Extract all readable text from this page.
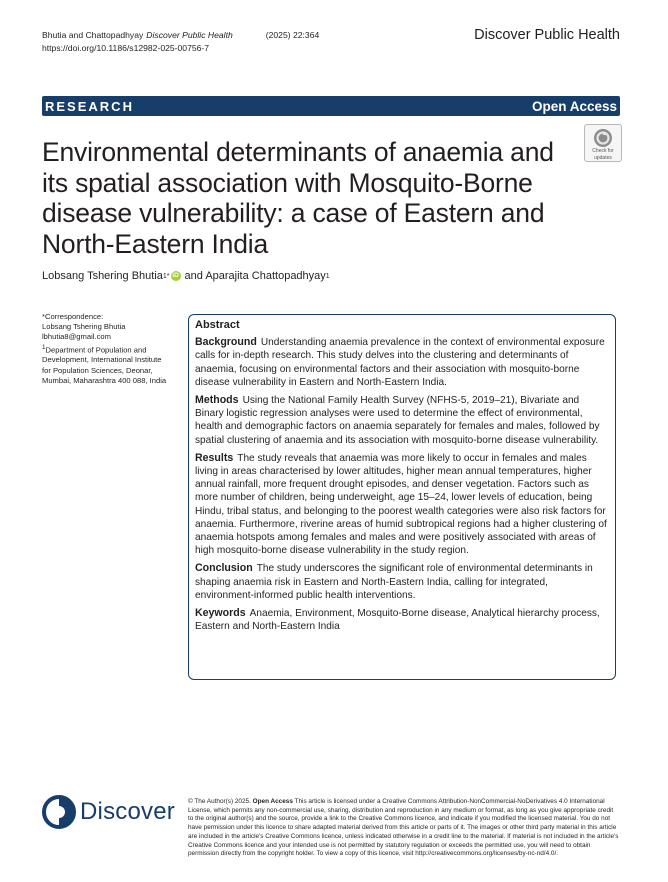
Bhutia and Chattopadhyay Discover Public Health	(2025) 22:364
https://doi.org/10.1186/s12982-025-00756-7
Discover Public Health
RESEARCH	Open Access
Check for
updates
Environmental determinants of anaemia and its spatial association with Mosquito-Borne disease vulnerability: a case of Eastern and North-Eastern India
Lobsang Tshering Bhutia 1* iD and Aparajita Chattopadhyay 1

*Correspondence:

Lobsang Tshering Bhutia

lbhutia8@gmail.com

$^1$Department of Population and Development, International Institute for Population Sciences, Deonar, Mumbai, Maharashtra 400 088, India

Abstract

Background Understanding anaemia prevalence in the context of environmental exposure calls for in-depth research. This study delves into the clustering and determinants of anaemia, focusing on environmental factors and their association with mosquito-borne disease vulnerability in Eastern and North-Eastern India.

Methods Using the National Family Health Survey (NFHS-5, 2019–21), Bivariate and Binary logistic regression analyses were used to determine the effect of environmental, health and demographic factors on anaemia separately for females and males, followed by spatial clustering of anaemia and its association with mosquito-borne disease vulnerability.

Results The study reveals that anaemia was more likely to occur in females and males living in areas characterised by lower altitudes, higher mean annual temperatures, higher annual rainfall, more frequent drought episodes, and denser vegetation. Factors such as more number of children, being underweight, age 15–24, lower levels of education, being Hindu, tribal status, and belonging to the poorest wealth categories were also risk factors for anaemia. Furthermore, riverine areas of humid subtropical regions had a higher clustering of anaemia hotspots among females and males and were positively associated with areas of high mosquito-borne disease vulnerability in the study region.

Conclusion The study underscores the significant role of environmental determinants in shaping anaemia risk in Eastern and North-Eastern India, calling for integrated, environment-informed public health interventions.

Keywords Anaemia, Environment, Mosquito-Borne disease, Analytical hierarchy process, Eastern and North-Eastern India

Discover © The Author(s) 2025. Open Access This article is licensed under a Creative Commons Attribution-NonCommercial-NoDerivatives 4.0 International License, which permits any non-commercial use, sharing, distribution and reproduction in any medium or format, as long as you give appropriate credit to the original author(s) and the source, provide a link to the Creative Commons licence, and indicate if you modified the licensed material. You do not have permission under this licence to share adapted material derived from this article or parts of it. The images or other third party material in this article are included in the article's Creative Commons licence, unless indicated otherwise in a credit line to the material. If material is not included in the article's Creative Commons licence and your intended use is not permitted by statutory regulation or exceeds the permitted use, you will need to obtain permission directly from the copyright holder. To view a copy of this licence, visit http://creativecommons.org/licenses/by-nc-nd/4.0/.
